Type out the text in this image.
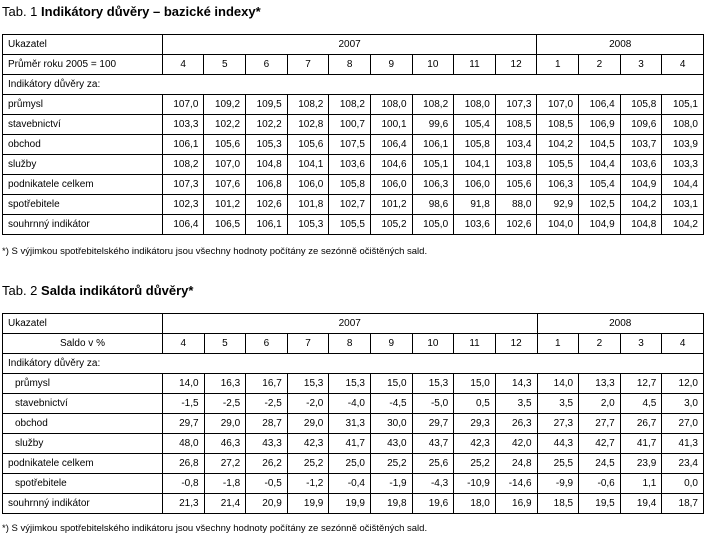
Tab. 1 Indikátory důvěry – bazické indexy*
Ukazatel	2007									2008			
Průměr roku 2005 = 100	4	5	6	7	8	9	10	11	12	1	2	3	4
Indikátory důvěry za:													
průmysl	107,0	109,2	109,5	108,2	108,2	108,0	108,2	108,0	107,3	107,0	106,4	105,8	105,1
stavebnictví	103,3	102,2	102,2	102,8	100,7	100,1	99,6	105,4	108,5	108,5	106,9	109,6	108,0
obchod	106,1	105,6	105,3	105,6	107,5	106,4	106,1	105,8	103,4	104,2	104,5	103,7	103,9
služby	108,2	107,0	104,8	104,1	103,6	104,6	105,1	104,1	103,8	105,5	104,4	103,6	103,3
podnikatele celkem	107,3	107,6	106,8	106,0	105,8	106,0	106,3	106,0	105,6	106,3	105,4	104,9	104,4
spotřebitele	102,3	101,2	102,6	101,8	102,7	101,2	98,6	91,8	88,0	92,9	102,5	104,2	103,1
souhrnný indikátor	106,4	106,5	106,1	105,3	105,5	105,2	105,0	103,6	102,6	104,0	104,9	104,8	104,2
*) S výjimkou spotřebitelského indikátoru jsou všechny hodnoty počítány ze sezónně očištěných sald.
Tab. 2 Salda indikátorů důvěry*
Ukazatel	2007									2008			
Saldo v %	4	5	6	7	8	9	10	11	12	1	2	3	4
Indikátory důvěry za:													
průmysl	14,0	16,3	16,7	15,3	15,3	15,0	15,3	15,0	14,3	14,0	13,3	12,7	12,0
stavebnictví	-1,5	-2,5	-2,5	-2,0	-4,0	-4,5	-5,0	0,5	3,5	3,5	2,0	4,5	3,0
obchod	29,7	29,0	28,7	29,0	31,3	30,0	29,7	29,3	26,3	27,3	27,7	26,7	27,0
služby	48,0	46,3	43,3	42,3	41,7	43,0	43,7	42,3	42,0	44,3	42,7	41,7	41,3
podnikatele celkem	26,8	27,2	26,2	25,2	25,0	25,2	25,6	25,2	24,8	25,5	24,5	23,9	23,4
spotřebitele	-0,8	-1,8	-0,5	-1,2	-0,4	-1,9	-4,3	-10,9	-14,6	-9,9	-0,6	1,1	0,0
souhrnný indikátor	21,3	21,4	20,9	19,9	19,9	19,8	19,6	18,0	16,9	18,5	19,5	19,4	18,7
*) S výjimkou spotřebitelského indikátoru jsou všechny hodnoty počítány ze sezónně očištěných sald.
